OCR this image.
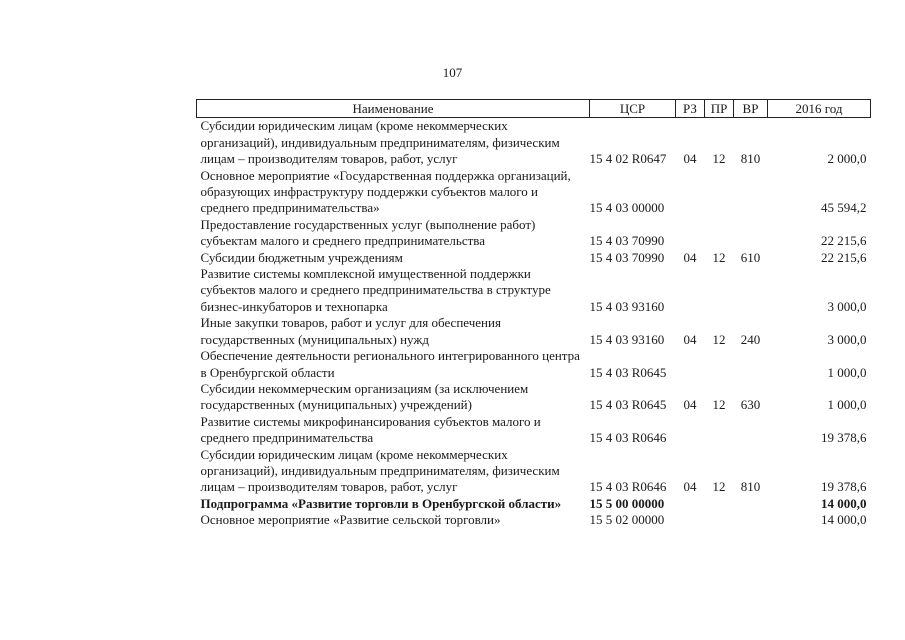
107
Наименование	ЦСР	РЗ	ПР	ВР	2016 год
Субсидии юридическим лицам (кроме некоммерческих организаций), индивидуальным предпринимателям, физическим лицам – производителям товаров, работ, услуг	15 4 02 R0647	04	12	810	2 000,0
Основное мероприятие «Государственная поддержка организаций, образующих инфраструктуру поддержки субъектов малого и среднего предпринимательства»	15 4 03 00000				45 594,2
Предоставление государственных услуг (выполнение работ) субъектам малого и среднего предпринимательства	15 4 03 70990				22 215,6
Субсидии бюджетным учреждениям	15 4 03 70990	04	12	610	22 215,6
Развитие системы комплексной имущественной поддержки субъектов малого и среднего предпринимательства в структуре бизнес-инкубаторов и технопарка	15 4 03 93160				3 000,0
Иные закупки товаров, работ и услуг для обеспечения государственных (муниципальных) нужд	15 4 03 93160	04	12	240	3 000,0
Обеспечение деятельности регионального интегрированного центра в Оренбургской области	15 4 03 R0645				1 000,0
Субсидии некоммерческим организациям (за исключением государственных (муниципальных) учреждений)	15 4 03 R0645	04	12	630	1 000,0
Развитие системы микрофинансирования субъектов малого и среднего предпринимательства	15 4 03 R0646				19 378,6
Субсидии юридическим лицам (кроме некоммерческих организаций), индивидуальным предпринимателям, физическим лицам – производителям товаров, работ, услуг	15 4 03 R0646	04	12	810	19 378,6
Подпрограмма «Развитие торговли в Оренбургской области»	15 5 00 00000				14 000,0
Основное мероприятие «Развитие сельской торговли»	15 5 02 00000				14 000,0
